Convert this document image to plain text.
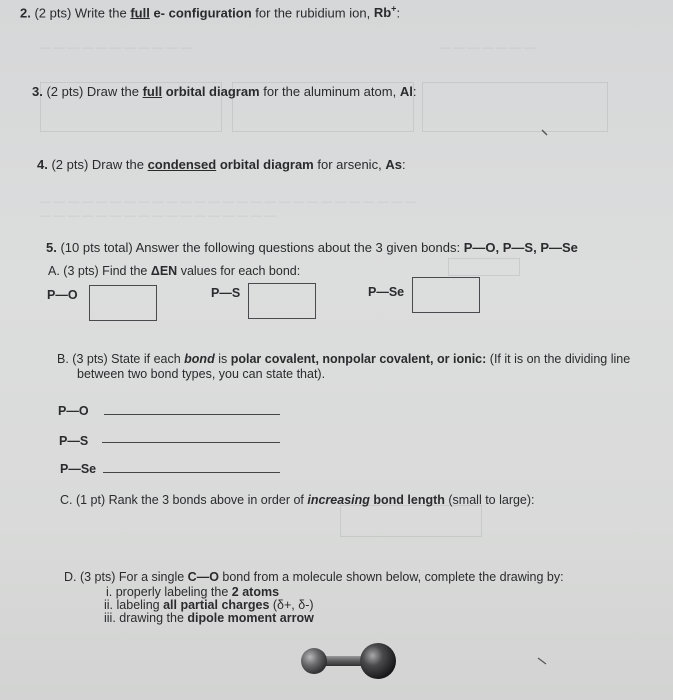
— — — — — — — — — — —	— — — — — — —
— — — — — — — — — — — — — — — — — — — — — — — — — — —
— — — — — — — — — — — — — — — — —
2. (2 pts) Write the full e- configuration for the rubidium ion, Rb+:
3. (2 pts) Draw the full orbital diagram for the aluminum atom, Al:
4. (2 pts) Draw the condensed orbital diagram for arsenic, As:
5. (10 pts total) Answer the following questions about the 3 given bonds: P—O, P—S, P—Se
A. (3 pts) Find the ΔEN values for each bond:
P—O	P—S	P—Se
B. (3 pts) State if each bond is polar covalent, nonpolar covalent, or ionic: (If it is on the dividing line
between two bond types, you can state that).
P—O
P—S
P—Se
C. (1 pt) Rank the 3 bonds above in order of increasing bond length (small to large):
D. (3 pts) For a single C—O bond from a molecule shown below, complete the drawing by:
i. properly labeling the 2 atoms
ii. labeling all partial charges (δ+, δ-)
iii. drawing the dipole moment arrow
